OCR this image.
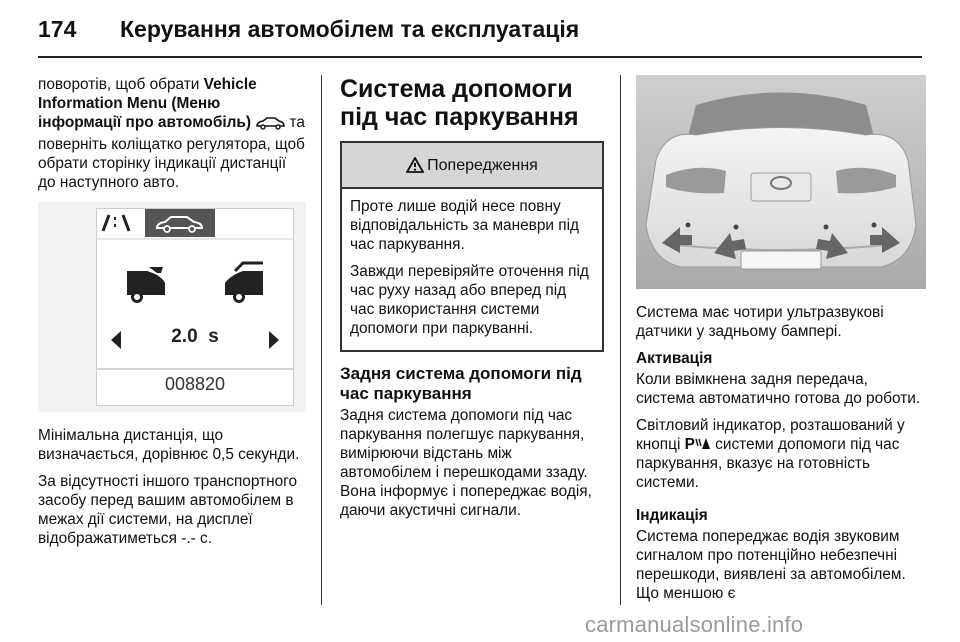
174 Керування автомобілем та експлуатація

поворотів, щоб обрати Vehicle Information Menu (Меню інформації про автомобіль)  та поверніть коліщатко регулятора, щоб обрати сторінку індикації дистанції до наступного авто.

2.0 s
008820

Мінімальна дистанція, що визначається, дорівнює 0,5 секунди.

За відсутності іншого транспортного засобу перед вашим автомобілем в межах дії системи, на дисплеї відображатиметься -.- с.

Система допомоги під час паркування
Попередження

Проте лише водій несе повну відповідальність за маневри під час паркування.

Завжди перевіряйте оточення під час руху назад або вперед під час використання системи допомоги при паркуванні.

Задня система допомоги під час паркування

Задня система допомоги під час паркування полегшує паркування, вимірюючи відстань між автомобілем і перешкодами ззаду. Вона інформує і попереджає водія, даючи акустичні сигнали.

Система має чотири ультразвукові датчики у задньому бампері.

Активація

Коли ввімкнена задня передача, система автоматично готова до роботи.

Світловий індикатор, розташований у кнопці P системи допомоги під час паркування, вказує на готовність системи.

Індикація

Система попереджає водія звуковим сигналом про потенційно небезпечні перешкоди, виявлені за автомобілем. Що меншою є

carmanualsonline.info
